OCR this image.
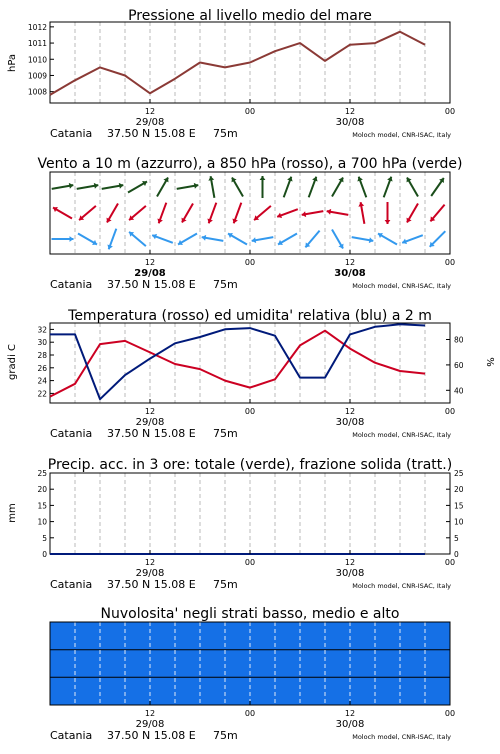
Pressione al livello medio del mare
hPa
1012
1011
1010
1009
1008
12	00	12	00
29/08	30/08
Catania 37.50 N 15.08 E 75m	Moloch model, CNR-ISAC, Italy
Vento a 10 m (azzurro), a 850 hPa (rosso), a 700 hPa (verde)
12	00	12	00
29/08	30/08
Catania 37.50 N 15.08 E 75m	Moloch model, CNR-ISAC, Italy
Temperatura (rosso) ed umidita' relativa (blu) a 2 m
gradi C	%
32
30
28
26
24
22
80
60
40
12	00	12	00
29/08	30/08
Catania 37.50 N 15.08 E 75m	Moloch model, CNR-ISAC, Italy
Precip. acc. in 3 ore: totale (verde), frazione solida (tratt.)
mm
25
20
15
10
5
0
25
20
15
10
5
0
12	00	12	00
29/08	30/08
Catania 37.50 N 15.08 E 75m	Moloch model, CNR-ISAC, Italy
Nuvolosita' negli strati basso, medio e alto
12	00	12	00
29/08	30/08
Catania 37.50 N 15.08 E 75m	Moloch model, CNR-ISAC, Italy
